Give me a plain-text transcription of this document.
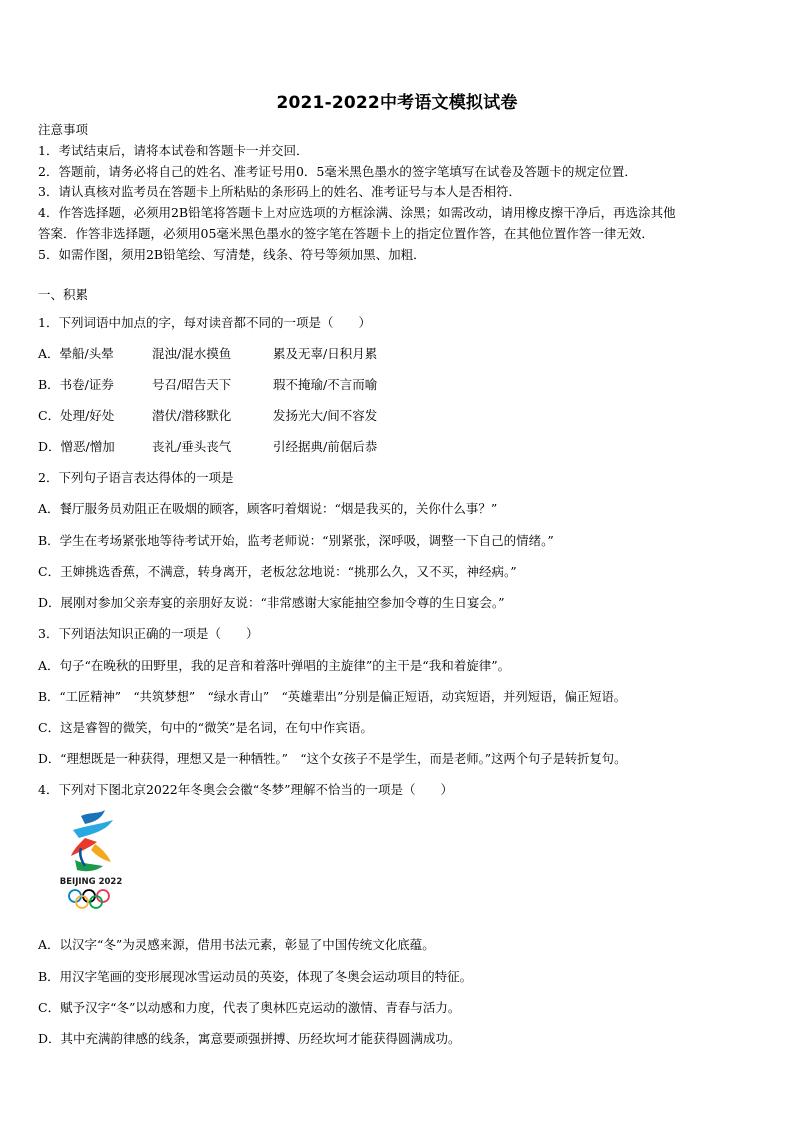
2021-2022中考语文模拟试卷
注意事项
1．考试结束后，请将本试卷和答题卡一并交回．
2．答题前，请务必将自己的姓名、准考证号用0．5毫米黑色墨水的签字笔填写在试卷及答题卡的规定位置．
3．请认真核对监考员在答题卡上所粘贴的条形码上的姓名、准考证号与本人是否相符．
4．作答选择题，必须用2B铅笔将答题卡上对应选项的方框涂满、涂黑；如需改动，请用橡皮擦干净后，再选涂其他
答案．作答非选择题，必须用05毫米黑色墨水的签字笔在答题卡上的指定位置作答，在其他位置作答一律无效．
5．如需作图，须用2B铅笔绘、写清楚，线条、符号等须加黑、加粗．
一、积累
1．下列词语中加点的字，每对读音都不同的一项是（　　）
A．晕船/头晕	混浊/混水摸鱼	累及无辜/日积月累
B．书卷/证券	号召/昭告天下	瑕不掩瑜/不言而喻
C．处理/好处	潜伏/潜移默化	发扬光大/间不容发
D．憎恶/憎加	丧礼/垂头丧气	引经据典/前倨后恭
2．下列句子语言表达得体的一项是
A．餐厅服务员劝阻正在吸烟的顾客，顾客叼着烟说：“烟是我买的，关你什么事？”
B．学生在考场紧张地等待考试开始，监考老师说：“别紧张，深呼吸，调整一下自己的情绪。”
C．王婶挑选香蕉，不满意，转身离开，老板忿忿地说：“挑那么久，又不买，神经病。”
D．展刚对参加父亲寿宴的亲朋好友说：“非常感谢大家能抽空参加令尊的生日宴会。”
3．下列语法知识正确的一项是（　　）
A．句子“在晚秋的田野里，我的足音和着落叶弹唱的主旋律”的主干是“我和着旋律”。
B．“工匠精神”　“共筑梦想”　“绿水青山”　“英雄辈出”分别是偏正短语，动宾短语，并列短语，偏正短语。
C．这是睿智的微笑，句中的“微笑”是名词，在句中作宾语。
D．“理想既是一种获得，理想又是一种牺牲。”　“这个女孩子不是学生，而是老师。”这两个句子是转折复句。
4．下列对下图北京2022年冬奥会会徽“冬梦”理解不恰当的一项是（　　）
BEIJING 2022
A．以汉字“冬”为灵感来源，借用书法元素，彰显了中国传统文化底蕴。
B．用汉字笔画的变形展现冰雪运动员的英姿，体现了冬奥会运动项目的特征。
C．赋予汉字“冬”以动感和力度，代表了奥林匹克运动的激情、青春与活力。
D．其中充满韵律感的线条，寓意要顽强拼搏、历经坎坷才能获得圆满成功。
